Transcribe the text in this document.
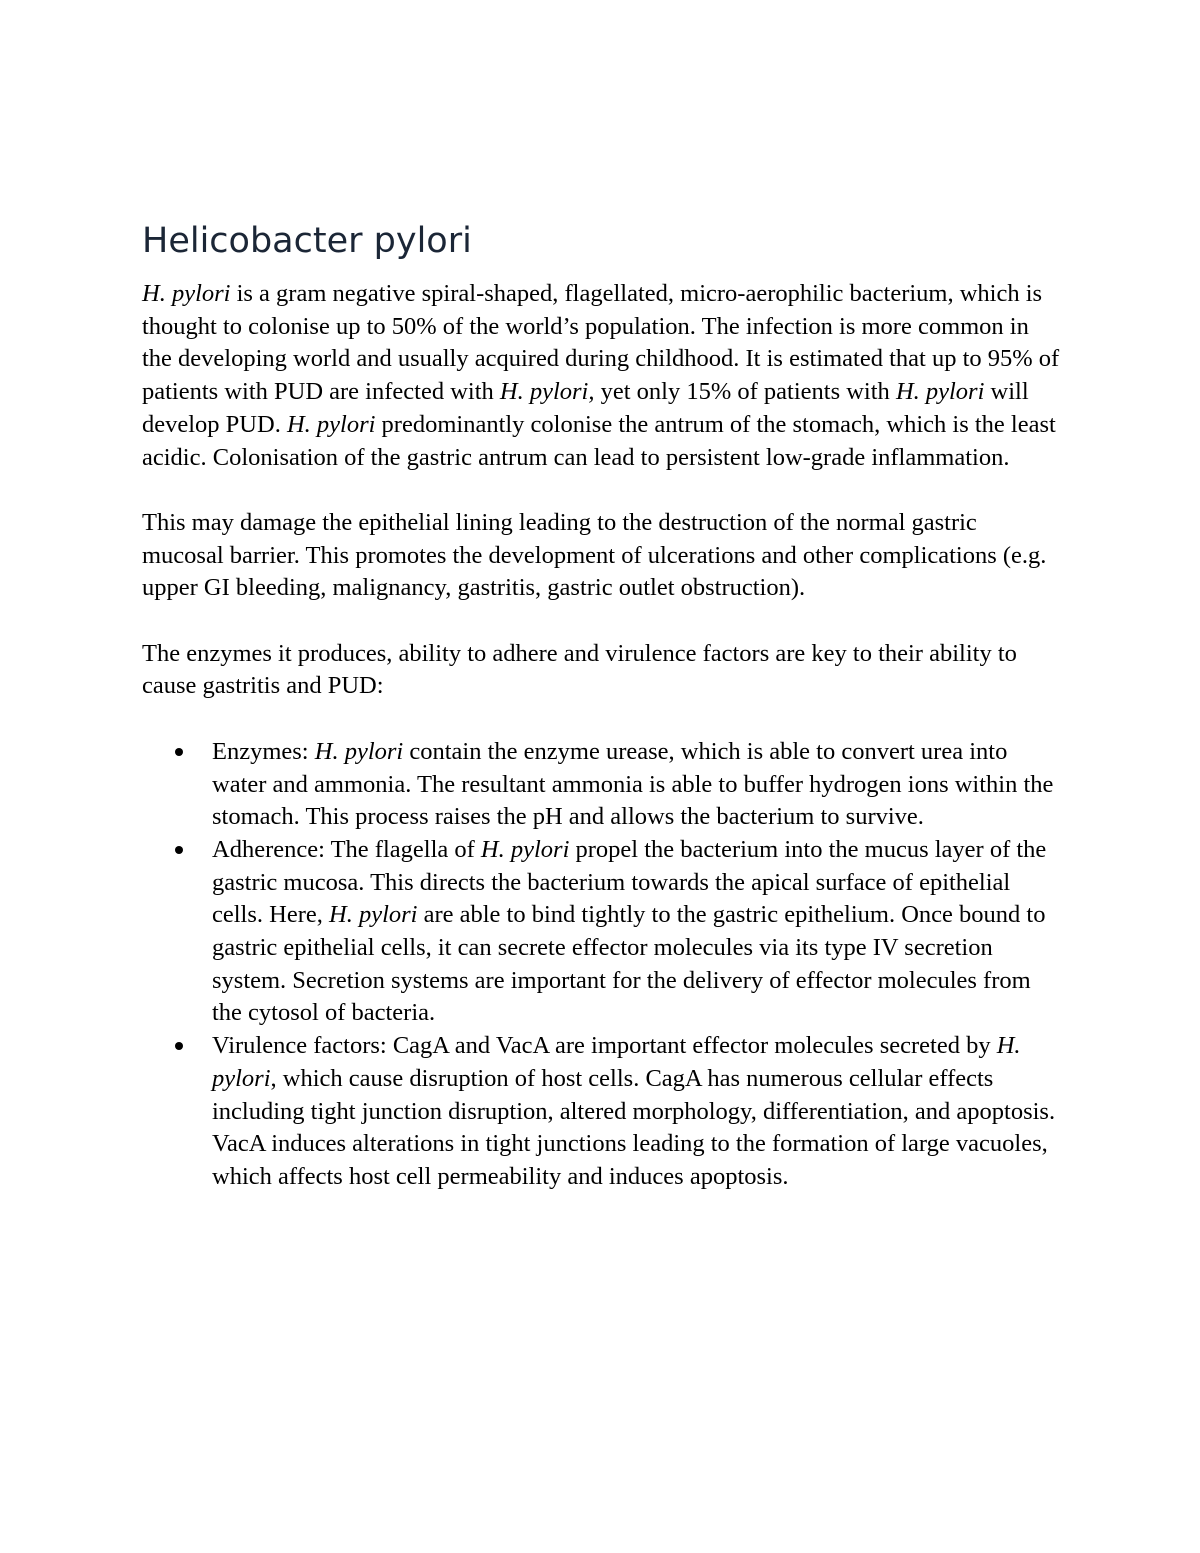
Helicobacter pylori

H. pylori is a gram negative spiral-shaped, flagellated, micro-aerophilic bacterium, which is thought to colonise up to 50% of the world’s population. The infection is more common in the developing world and usually acquired during childhood. It is estimated that up to 95% of patients with PUD are infected with H. pylori, yet only 15% of patients with H. pylori will develop PUD. H. pylori predominantly colonise the antrum of the stomach, which is the least acidic. Colonisation of the gastric antrum can lead to persistent low-grade inflammation.

This may damage the epithelial lining leading to the destruction of the normal gastric mucosal barrier. This promotes the development of ulcerations and other complications (e.g. upper GI bleeding, malignancy, gastritis, gastric outlet obstruction).

The enzymes it produces, ability to adhere and virulence factors are key to their ability to cause gastritis and PUD:

Enzymes: H. pylori contain the enzyme urease, which is able to convert urea into water and ammonia. The resultant ammonia is able to buffer hydrogen ions within the stomach. This process raises the pH and allows the bacterium to survive.
Adherence: The flagella of H. pylori propel the bacterium into the mucus layer of the gastric mucosa. This directs the bacterium towards the apical surface of epithelial cells. Here, H. pylori are able to bind tightly to the gastric epithelium. Once bound to gastric epithelial cells, it can secrete effector molecules via its type IV secretion system. Secretion systems are important for the delivery of effector molecules from the cytosol of bacteria.
Virulence factors: CagA and VacA are important effector molecules secreted by H. pylori, which cause disruption of host cells. CagA has numerous cellular effects including tight junction disruption, altered morphology, differentiation, and apoptosis. VacA induces alterations in tight junctions leading to the formation of large vacuoles, which affects host cell permeability and induces apoptosis.
